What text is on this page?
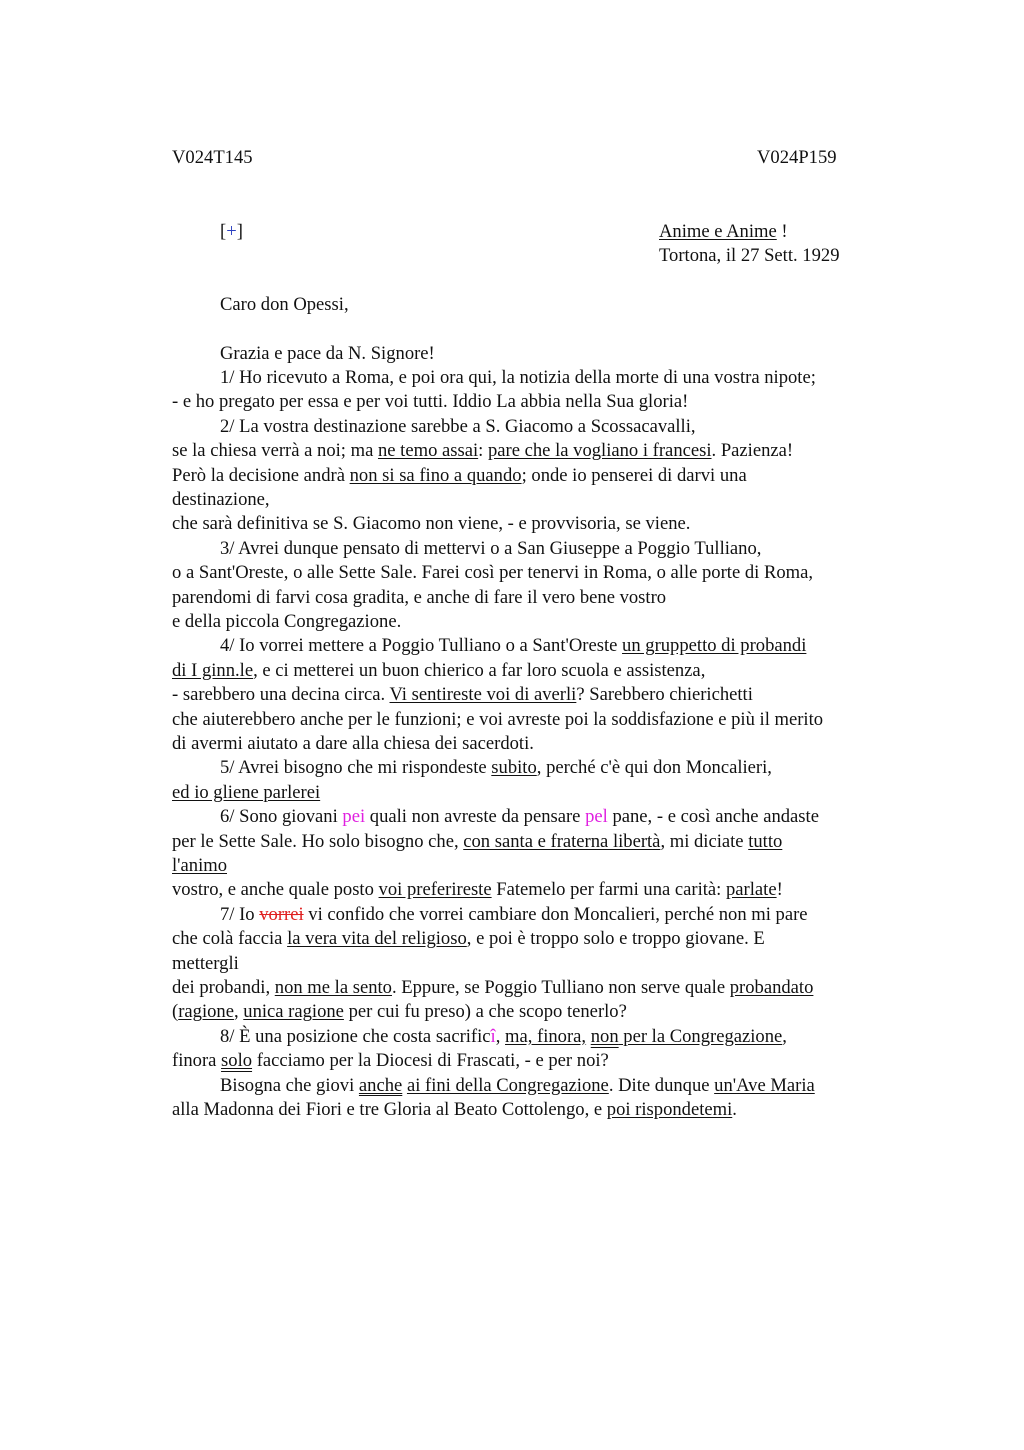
V024T145	V024P159
[+]	Anime e Anime !
Tortona, il 27 Sett. 1929
Caro don Opessi,
Grazia e pace da N. Signore!
1/ Ho ricevuto a Roma, e poi ora qui, la notizia della morte di una vostra nipote;
- e ho pregato per essa e per voi tutti. Iddio La abbia nella Sua gloria!
2/ La vostra destinazione sarebbe a S. Giacomo a Scossacavalli,
se la chiesa verrà a noi; ma ne temo assai: pare che la vogliano i francesi. Pazienza!
Però la decisione andrà non si sa fino a quando; onde io penserei di darvi una
destinazione,
che sarà definitiva se S. Giacomo non viene, - e provvisoria, se viene.
3/ Avrei dunque pensato di mettervi o a San Giuseppe a Poggio Tulliano,
o a Sant'Oreste, o alle Sette Sale. Farei così per tenervi in Roma, o alle porte di Roma,
parendomi di farvi cosa gradita, e anche di fare il vero bene vostro
e della piccola Congregazione.
4/ Io vorrei mettere a Poggio Tulliano o a Sant'Oreste un gruppetto di probandi
di I ginn.le, e ci metterei un buon chierico a far loro scuola e assistenza,
- sarebbero una decina circa. Vi sentireste voi di averli? Sarebbero chierichetti
che aiuterebbero anche per le funzioni; e voi avreste poi la soddisfazione e più il merito
di avermi aiutato a dare alla chiesa dei sacerdoti.
5/ Avrei bisogno che mi rispondeste subito, perché c'è qui don Moncalieri,
ed io gliene parlerei
6/ Sono giovani pei quali non avreste da pensare pel pane, - e così anche andaste
per le Sette Sale. Ho solo bisogno che, con santa e fraterna libertà, mi diciate tutto
l'animo
vostro, e anche quale posto voi preferireste Fatemelo per farmi una carità: parlate!
7/ Io vorrei vi confido che vorrei cambiare don Moncalieri, perché non mi pare
che colà faccia la vera vita del religioso, e poi è troppo solo e troppo giovane. E
mettergli
dei probandi, non me la sento. Eppure, se Poggio Tulliano non serve quale probandato
(ragione, unica ragione per cui fu preso) a che scopo tenerlo?
8/ È una posizione che costa sacrificî, ma, finora, non per la Congregazione,
finora solo facciamo per la Diocesi di Frascati, - e per noi?
Bisogna che giovi anche ai fini della Congregazione. Dite dunque un'Ave Maria
alla Madonna dei Fiori e tre Gloria al Beato Cottolengo, e poi rispondetemi.
